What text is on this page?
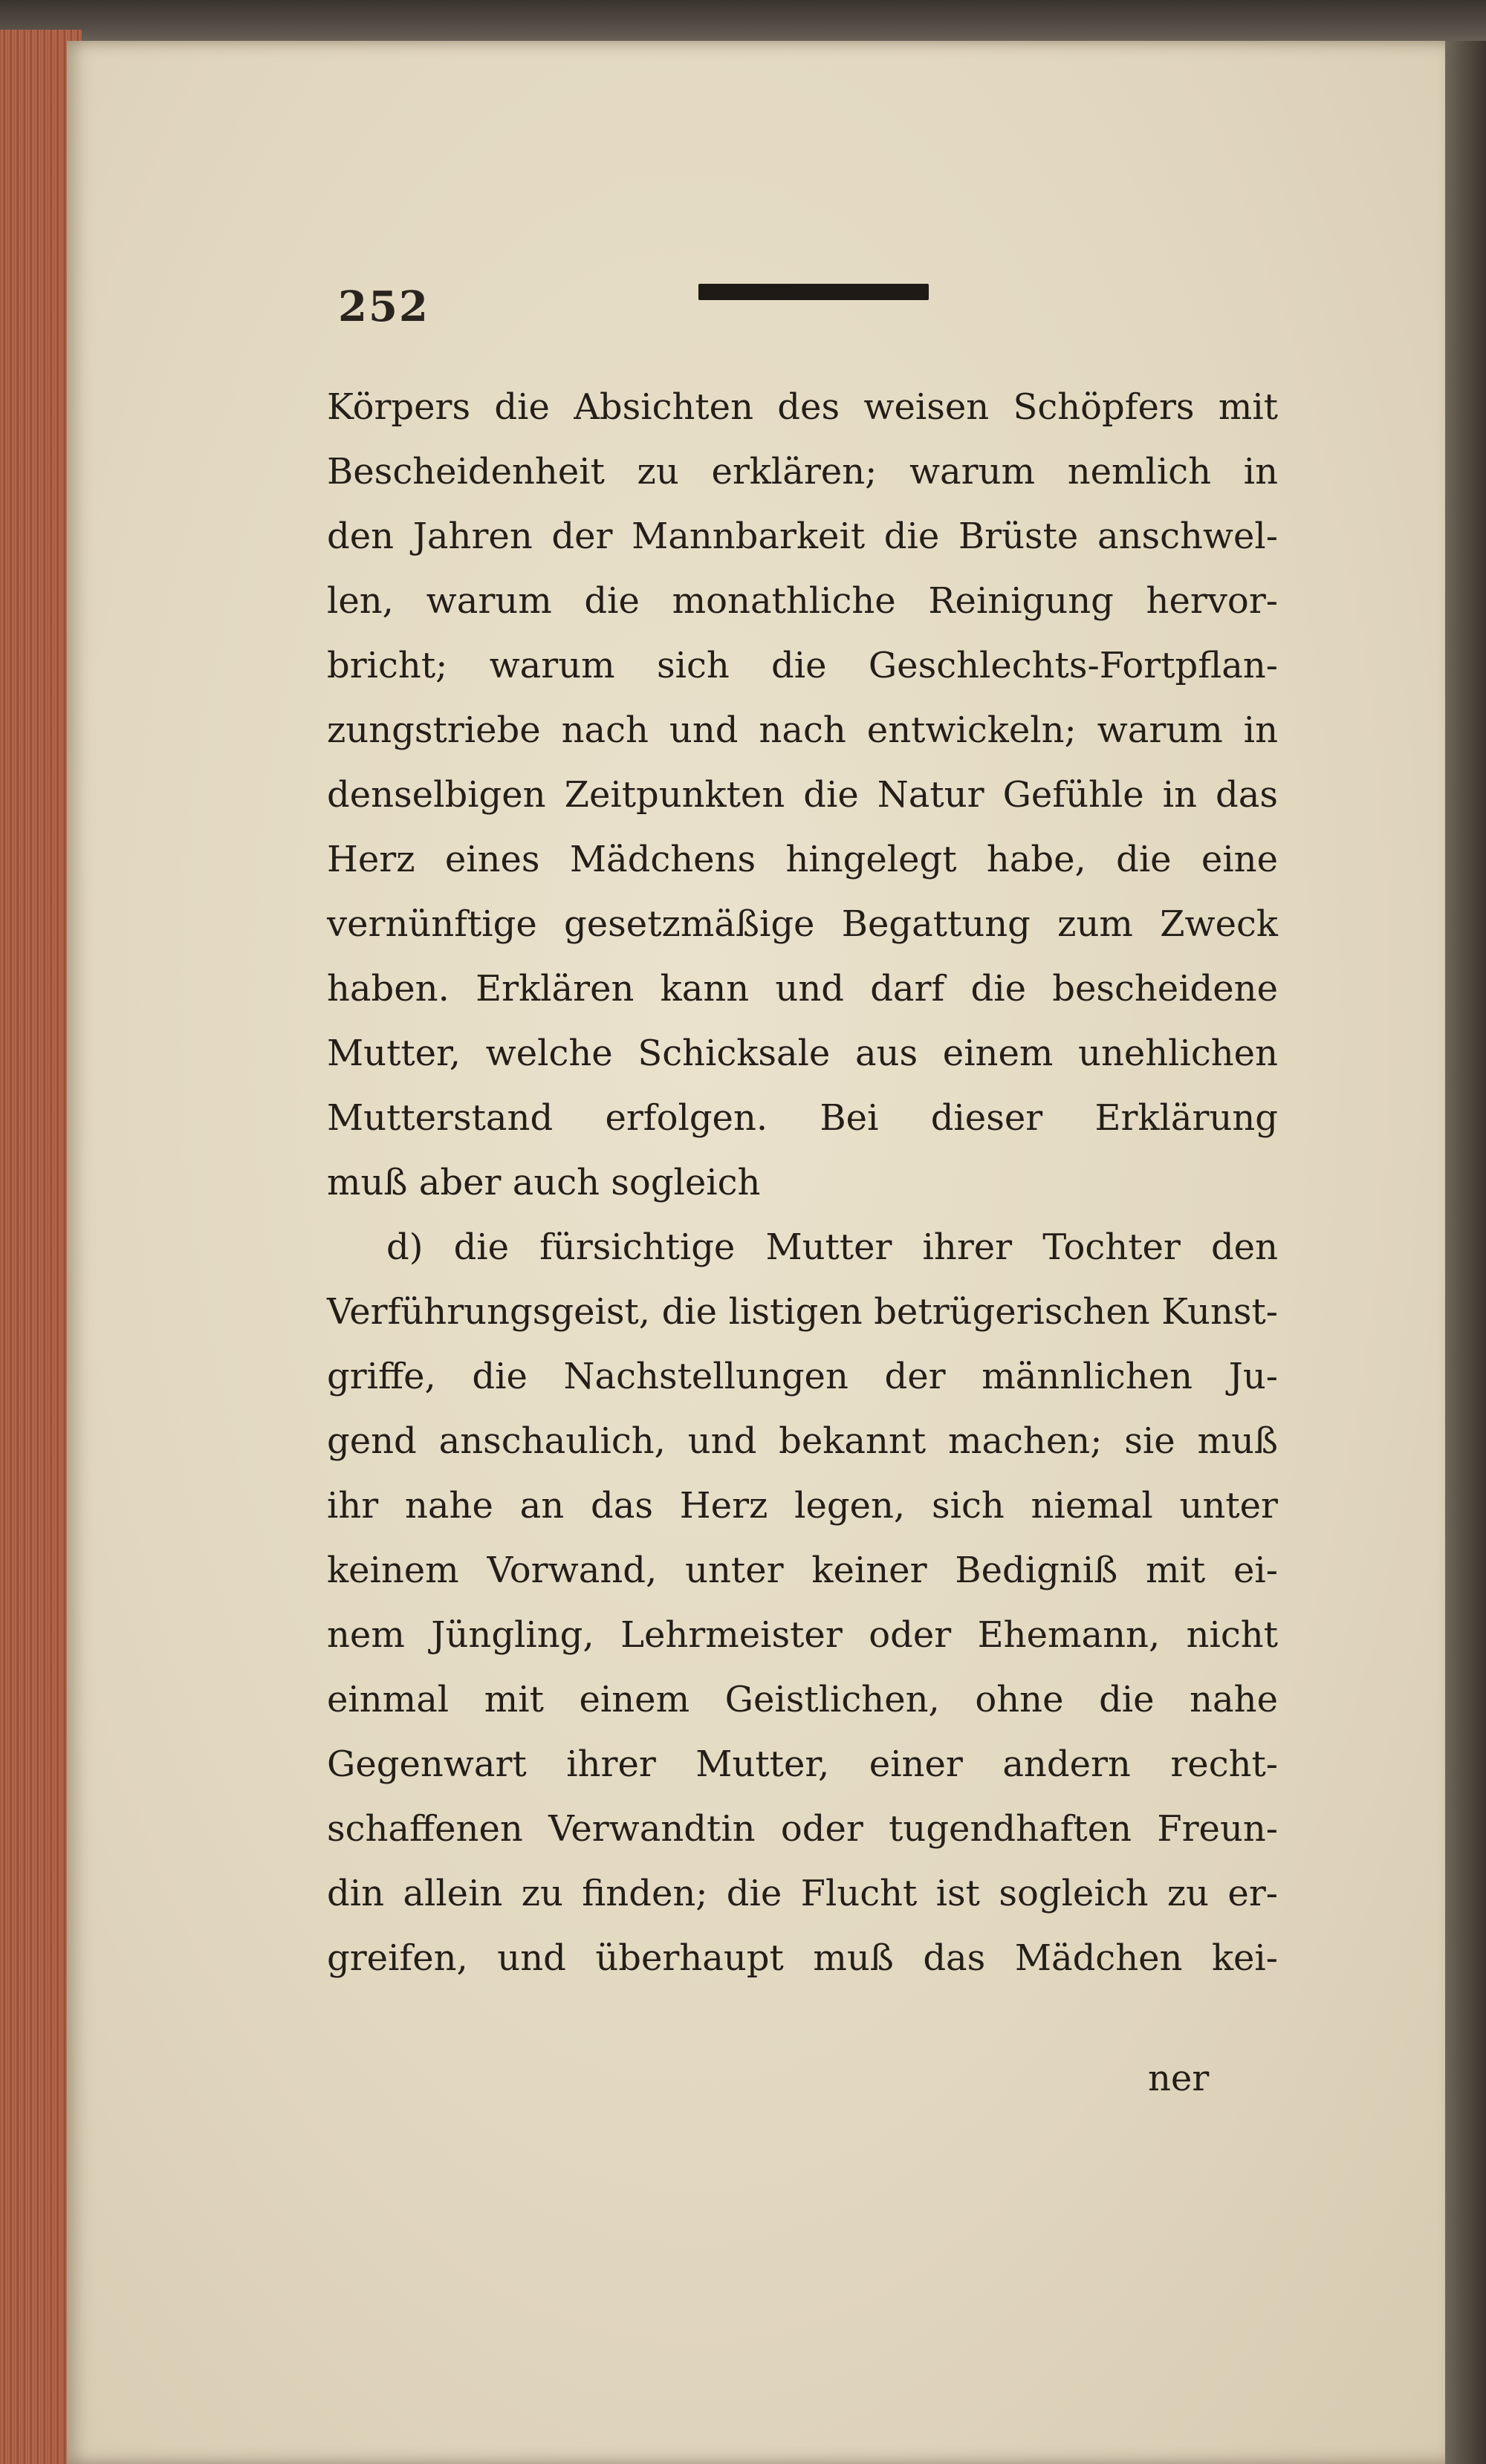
252
Körpers die Absichten des weisen Schöpfers mit
Bescheidenheit zu erklären; warum nemlich in
den Jahren der Mannbarkeit die Brüste anschwel-
len, warum die monathliche Reinigung hervor-
bricht; warum sich die Geschlechts-Fortpflan-
zungstriebe nach und nach entwickeln; warum in
denselbigen Zeitpunkten die Natur Gefühle in das
Herz eines Mädchens hingelegt habe, die eine
vernünftige gesetzmäßige Begattung zum Zweck
haben. Erklären kann und darf die bescheidene
Mutter, welche Schicksale aus einem unehlichen
Mutterstand erfolgen. Bei dieser Erklärung
muß aber auch sogleich
d) die fürsichtige Mutter ihrer Tochter den
Verführungsgeist, die listigen betrügerischen Kunst-
griffe, die Nachstellungen der männlichen Ju-
gend anschaulich, und bekannt machen; sie muß
ihr nahe an das Herz legen, sich niemal unter
keinem Vorwand, unter keiner Bedigniß mit ei-
nem Jüngling, Lehrmeister oder Ehemann, nicht
einmal mit einem Geistlichen, ohne die nahe
Gegenwart ihrer Mutter, einer andern recht-
schaffenen Verwandtin oder tugendhaften Freun-
din allein zu finden; die Flucht ist sogleich zu er-
greifen, und überhaupt muß das Mädchen kei-
ner
